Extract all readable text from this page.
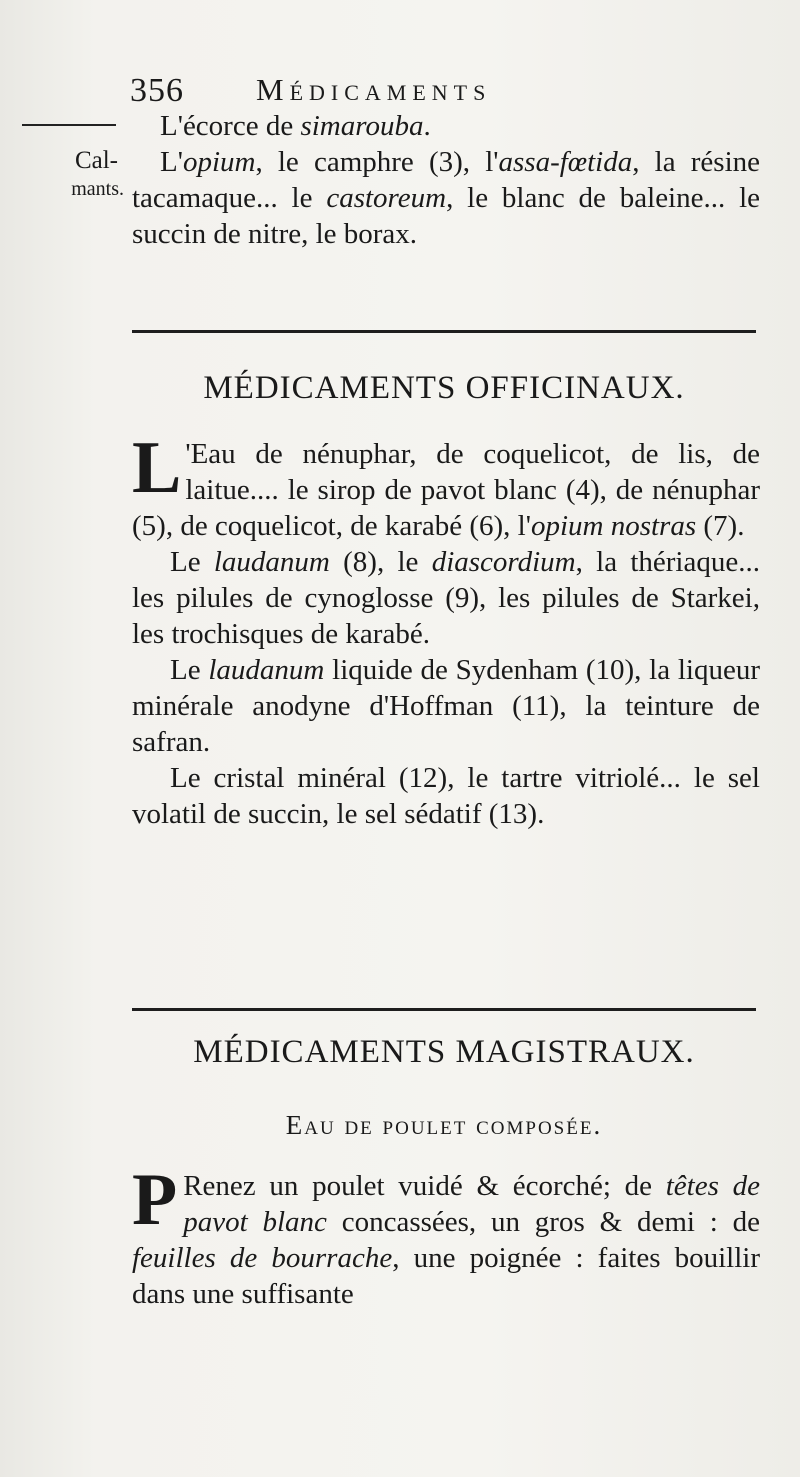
356 Médicaments
Cal-
mants.

L'écorce de simarouba.

L'opium, le camphre (3), l'assa-fœtida, la résine tacamaque... le castoreum, le blanc de baleine... le succin de nitre, le borax.

MÉDICAMENTS OFFICINAUX.

L 'Eau de nénuphar, de coquelicot, de lis, de laitue.... le sirop de pavot blanc (4), de nénuphar (5), de coquelicot, de karabé (6), l'opium nostras (7).

Le laudanum (8), le diascordium, la thériaque... les pilules de cynoglosse (9), les pilules de Starkei, les trochisques de karabé.

Le laudanum liquide de Sydenham (10), la liqueur minérale anodyne d'Hoffman (11), la teinture de safran.

Le cristal minéral (12), le tartre vitriolé... le sel volatil de succin, le sel sédatif (13).

MÉDICAMENTS MAGISTRAUX.
Eau de poulet composée.

P Renez un poulet vuidé & écorché; de têtes de pavot blanc concassées, un gros & demi : de feuilles de bourrache, une poignée : faites bouillir dans une suffisante
